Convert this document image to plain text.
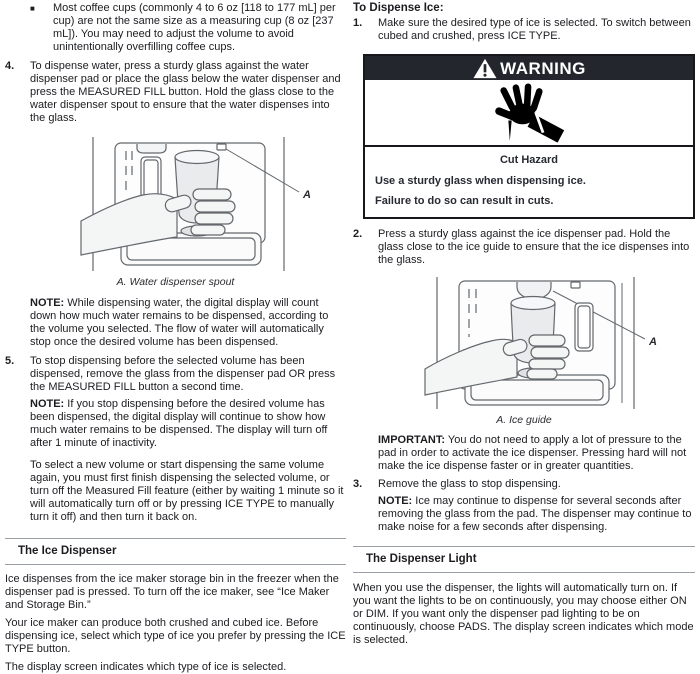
■	Most coffee cups (commonly 4 to 6 oz [118 to 177 mL] per cup) are not the same size as a measuring cup (8 oz [237 mL]). You may need to adjust the volume to avoid unintentionally overfilling coffee cups.
4.	To dispense water, press a sturdy glass against the water dispenser pad or place the glass below the water dispenser and press the MEASURED FILL button. Hold the glass close to the water dispenser spout to ensure that the water dispenses into the glass.
A
A. Water dispenser spout

NOTE: While dispensing water, the digital display will count down how much water remains to be dispensed, according to the volume you selected. The flow of water will automatically stop once the desired volume has been dispensed.

5.	To stop dispensing before the selected volume has been dispensed, remove the glass from the dispenser pad OR press the MEASURED FILL button a second time.

NOTE: If you stop dispensing before the desired volume has been dispensed, the digital display will continue to show how much water remains to be dispensed. The display will turn off after 1 minute of inactivity.

To select a new volume or start dispensing the same volume again, you must first finish dispensing the selected volume, or turn off the Measured Fill feature (either by waiting 1 minute so it will automatically turn off or by pressing ICE TYPE to manually turn it off) and then turn it back on.

The Ice Dispenser

Ice dispenses from the ice maker storage bin in the freezer when the dispenser pad is pressed. To turn off the ice maker, see “Ice Maker and Storage Bin.”

Your ice maker can produce both crushed and cubed ice. Before dispensing ice, select which type of ice you prefer by pressing the ICE TYPE button.

The display screen indicates which type of ice is selected.

To Dispense Ice:
1.	Make sure the desired type of ice is selected. To switch between cubed and crushed, press ICE TYPE.
WARNING
Cut Hazard
Use a sturdy glass when dispensing ice.
Failure to do so can result in cuts.
2.	Press a sturdy glass against the ice dispenser pad. Hold the glass close to the ice guide to ensure that the ice dispenses into the glass.
A
A. Ice guide

IMPORTANT: You do not need to apply a lot of pressure to the pad in order to activate the ice dispenser. Pressing hard will not make the ice dispense faster or in greater quantities.

3.	Remove the glass to stop dispensing.

NOTE: Ice may continue to dispense for several seconds after removing the glass from the pad. The dispenser may continue to make noise for a few seconds after dispensing.

The Dispenser Light

When you use the dispenser, the lights will automatically turn on. If you want the lights to be on continuously, you may choose either ON or DIM. If you want only the dispenser pad lighting to be on continuously, choose PADS. The display screen indicates which mode is selected.
